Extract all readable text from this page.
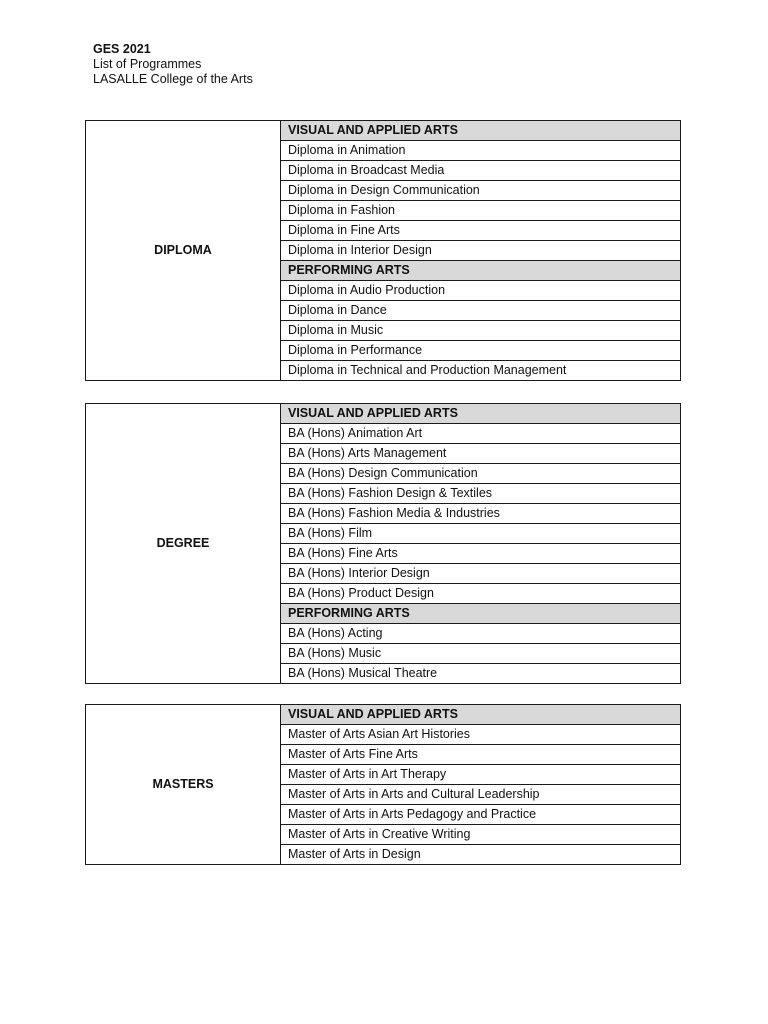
GES 2021
List of Programmes
LASALLE College of the Arts
DIPLOMA	VISUAL AND APPLIED ARTS
Diploma in Animation
Diploma in Broadcast Media
Diploma in Design Communication
Diploma in Fashion
Diploma in Fine Arts
Diploma in Interior Design
PERFORMING ARTS
Diploma in Audio Production
Diploma in Dance
Diploma in Music
Diploma in Performance
Diploma in Technical and Production Management
DEGREE	VISUAL AND APPLIED ARTS
BA (Hons) Animation Art
BA (Hons) Arts Management
BA (Hons) Design Communication
BA (Hons) Fashion Design & Textiles
BA (Hons) Fashion Media & Industries
BA (Hons) Film
BA (Hons) Fine Arts
BA (Hons) Interior Design
BA (Hons) Product Design
PERFORMING ARTS
BA (Hons) Acting
BA (Hons) Music
BA (Hons) Musical Theatre
MASTERS	VISUAL AND APPLIED ARTS
Master of Arts Asian Art Histories
Master of Arts Fine Arts
Master of Arts in Art Therapy
Master of Arts in Arts and Cultural Leadership
Master of Arts in Arts Pedagogy and Practice
Master of Arts in Creative Writing
Master of Arts in Design
